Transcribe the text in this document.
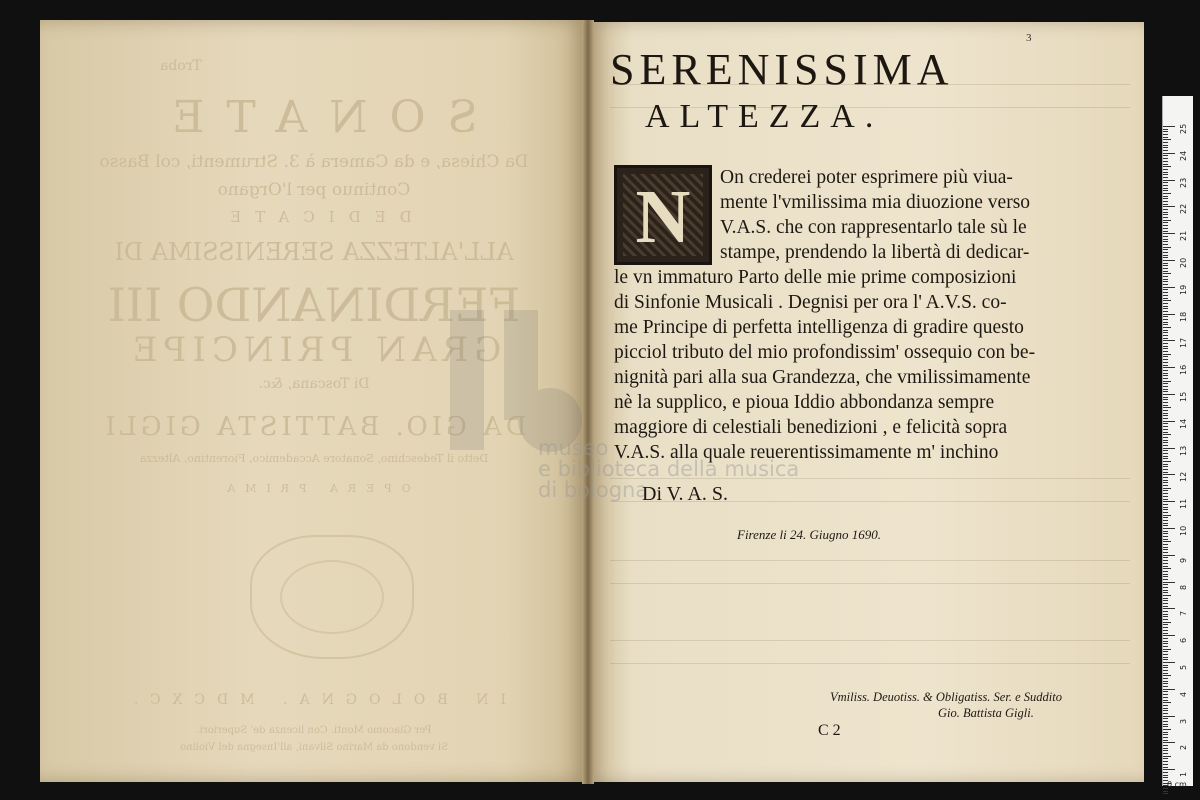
Troba
SONATE
Da Chiesa, e da Camera à 3. Strumenti, col Basso
Continuo per l'Organo
DEDICATE
ALL'ALTEZZA SERENISSIMA DI
FERDINANDO III
GRAN PRINCIPE
Di Toscana, &c.
DA GIO. BATTISTA GIGLI
Detto il Tedeschino, Sonatore Accademico, Fiorentino, Altezza
OPERA PRIMA
IN BOLOGNA. MDCXC.
Per Giacomo Monti. Con licenza de' Superiori.
Si vendono da Marino Silvani, all'Insegna del Violino
museo
e biblioteca della musica
di bologna
3
SERENISSIMA
ALTEZZA.
N	On crederei poter esprimere più viua-
mente l'vmilissima mia diuozione verso
V.A.S. che con rappresentarlo tale sù le
stampe, prendendo la libertà di dedicar-
le vn immaturo Parto delle mie prime composizioni
di Sinfonie Musicali . Degnisi per ora l' A.V.S. co-
me Principe di perfetta intelligenza di gradire questo
picciol tributo del mio profondissim' ossequio con be-
nignità pari alla sua Grandezza, che vmilissimamente
nè la supplico, e pioua Iddio abbondanza sempre
maggiore di celestiali benedizioni , e felicità sopra
V.A.S. alla quale reuerentissimamente m' inchino
Di V. A. S.
Firenze li 24. Giugno 1690.
Vmiliss. Deuotiss. & Obligatiss. Ser. e Suddito
Gio. Battista Gigli.
C 2
25
24
23
22
21
20
19
18
17
16
15
14
13
12
11
10
9
8
7
6
5
4
3
2
1
0 cm
